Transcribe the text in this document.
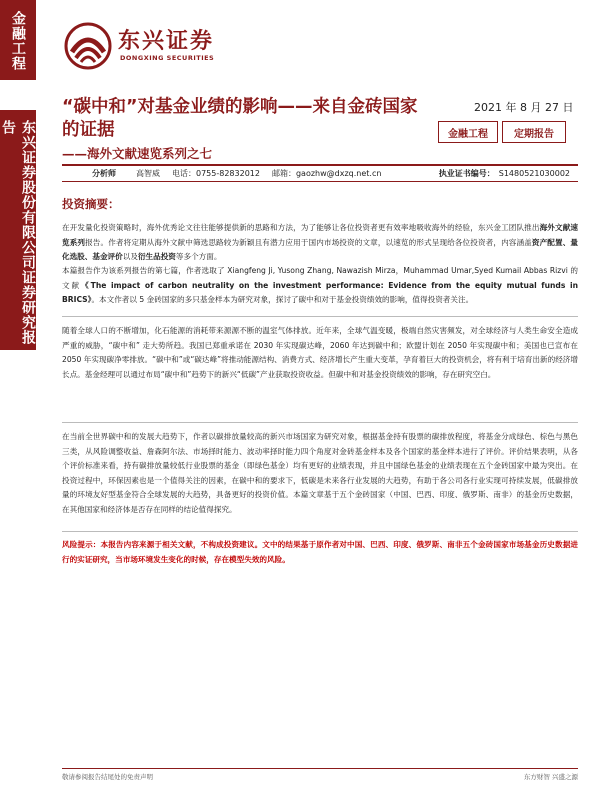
金融工程
东兴证券股份有限公司证券研究报告
东兴证券
DONGXING SECURITIES
“碳中和”对基金业绩的影响——来自金砖国家的证据
——海外文献速览系列之七
2021 年 8 月 27 日
金融工程	定期报告
分析师	高智威 电话：0755-82832012 邮箱：gaozhw@dxzq.net.cn	执业证书编号： S1480521030002
投资摘要：
在开发量化投资策略时，海外优秀论文往往能够提供新的思路和方法，为了能够让各位投资者更有效率地吸收海外的经验，东兴金工团队推出海外文献速览系列报告。作者将定期从海外文献中筛选思路较为新颖且有潜力应用于国内市场投资的文章，以速览的形式呈现给各位投资者，内容涵盖资产配置、量化选股、基金评价以及衍生品投资等多个方面。
本篇报告作为该系列报告的第七篇，作者选取了 Xiangfeng Ji, Yusong Zhang, Nawazish Mirza，Muhammad Umar,Syed Kumail Abbas Rizvi 的文献《The impact of carbon neutrality on the investment performance: Evidence from the equity mutual funds in BRICS》。本文作者以 5 金砖国家的多只基金样本为研究对象，探讨了碳中和对于基金投资绩效的影响，值得投资者关注。
随着全球人口的不断增加，化石能源的消耗带来源源不断的温室气体排放。近年来，全球气温变暖，极端自然灾害频发，对全球经济与人类生命安全造成严重的威胁，“碳中和” 走大势所趋。我国已郑重承诺在 2030 年实现碳达峰，2060 年达到碳中和；欧盟计划在 2050 年实现碳中和；美国也已宣布在 2050 年实现碳净零排放。“碳中和”或“碳达峰”将推动能源结构、消费方式、经济增长产生重大变革，孕育着巨大的投资机会，将有利于培育出新的经济增长点。基金经理可以通过布局“碳中和”趋势下的新兴“低碳”产业获取投资收益。但碳中和对基金投资绩效的影响，存在研究空白。
在当前全世界碳中和的发展大趋势下，作者以碳排放量较高的新兴市场国家为研究对象，根据基金持有股票的碳排放程度，将基金分成绿色、棕色与黑色三类，从风险调整收益、詹森阿尔法、市场择时能力、波动率择时能力四个角度对金砖基金样本及各个国家的基金样本进行了评价。评价结果表明，从各个评价标准来看，持有碳排放量较低行业股票的基金（即绿色基金）均有更好的业绩表现，并且中国绿色基金的业绩表现在五个金砖国家中最为突出。在投资过程中，环保因素也是一个值得关注的因素，在碳中和的要求下，低碳是未来各行业发展的大趋势，有助于各公司各行业实现可持续发展，低碳排放量的环境友好型基金符合全球发展的大趋势，具备更好的投资价值。本篇文章基于五个金砖国家（中国、巴西、印度、俄罗斯、南非）的基金历史数据，在其他国家和经济体是否存在同样的结论值得探究。
风险提示：本报告内容来源于相关文献，不构成投资建议。文中的结果基于原作者对中国、巴西、印度、俄罗斯、南非五个金砖国家市场基金历史数据进行的实证研究，当市场环境发生变化的时候，存在模型失效的风险。
敬请参阅报告结尾处的免责声明	东方财智 兴盛之源
